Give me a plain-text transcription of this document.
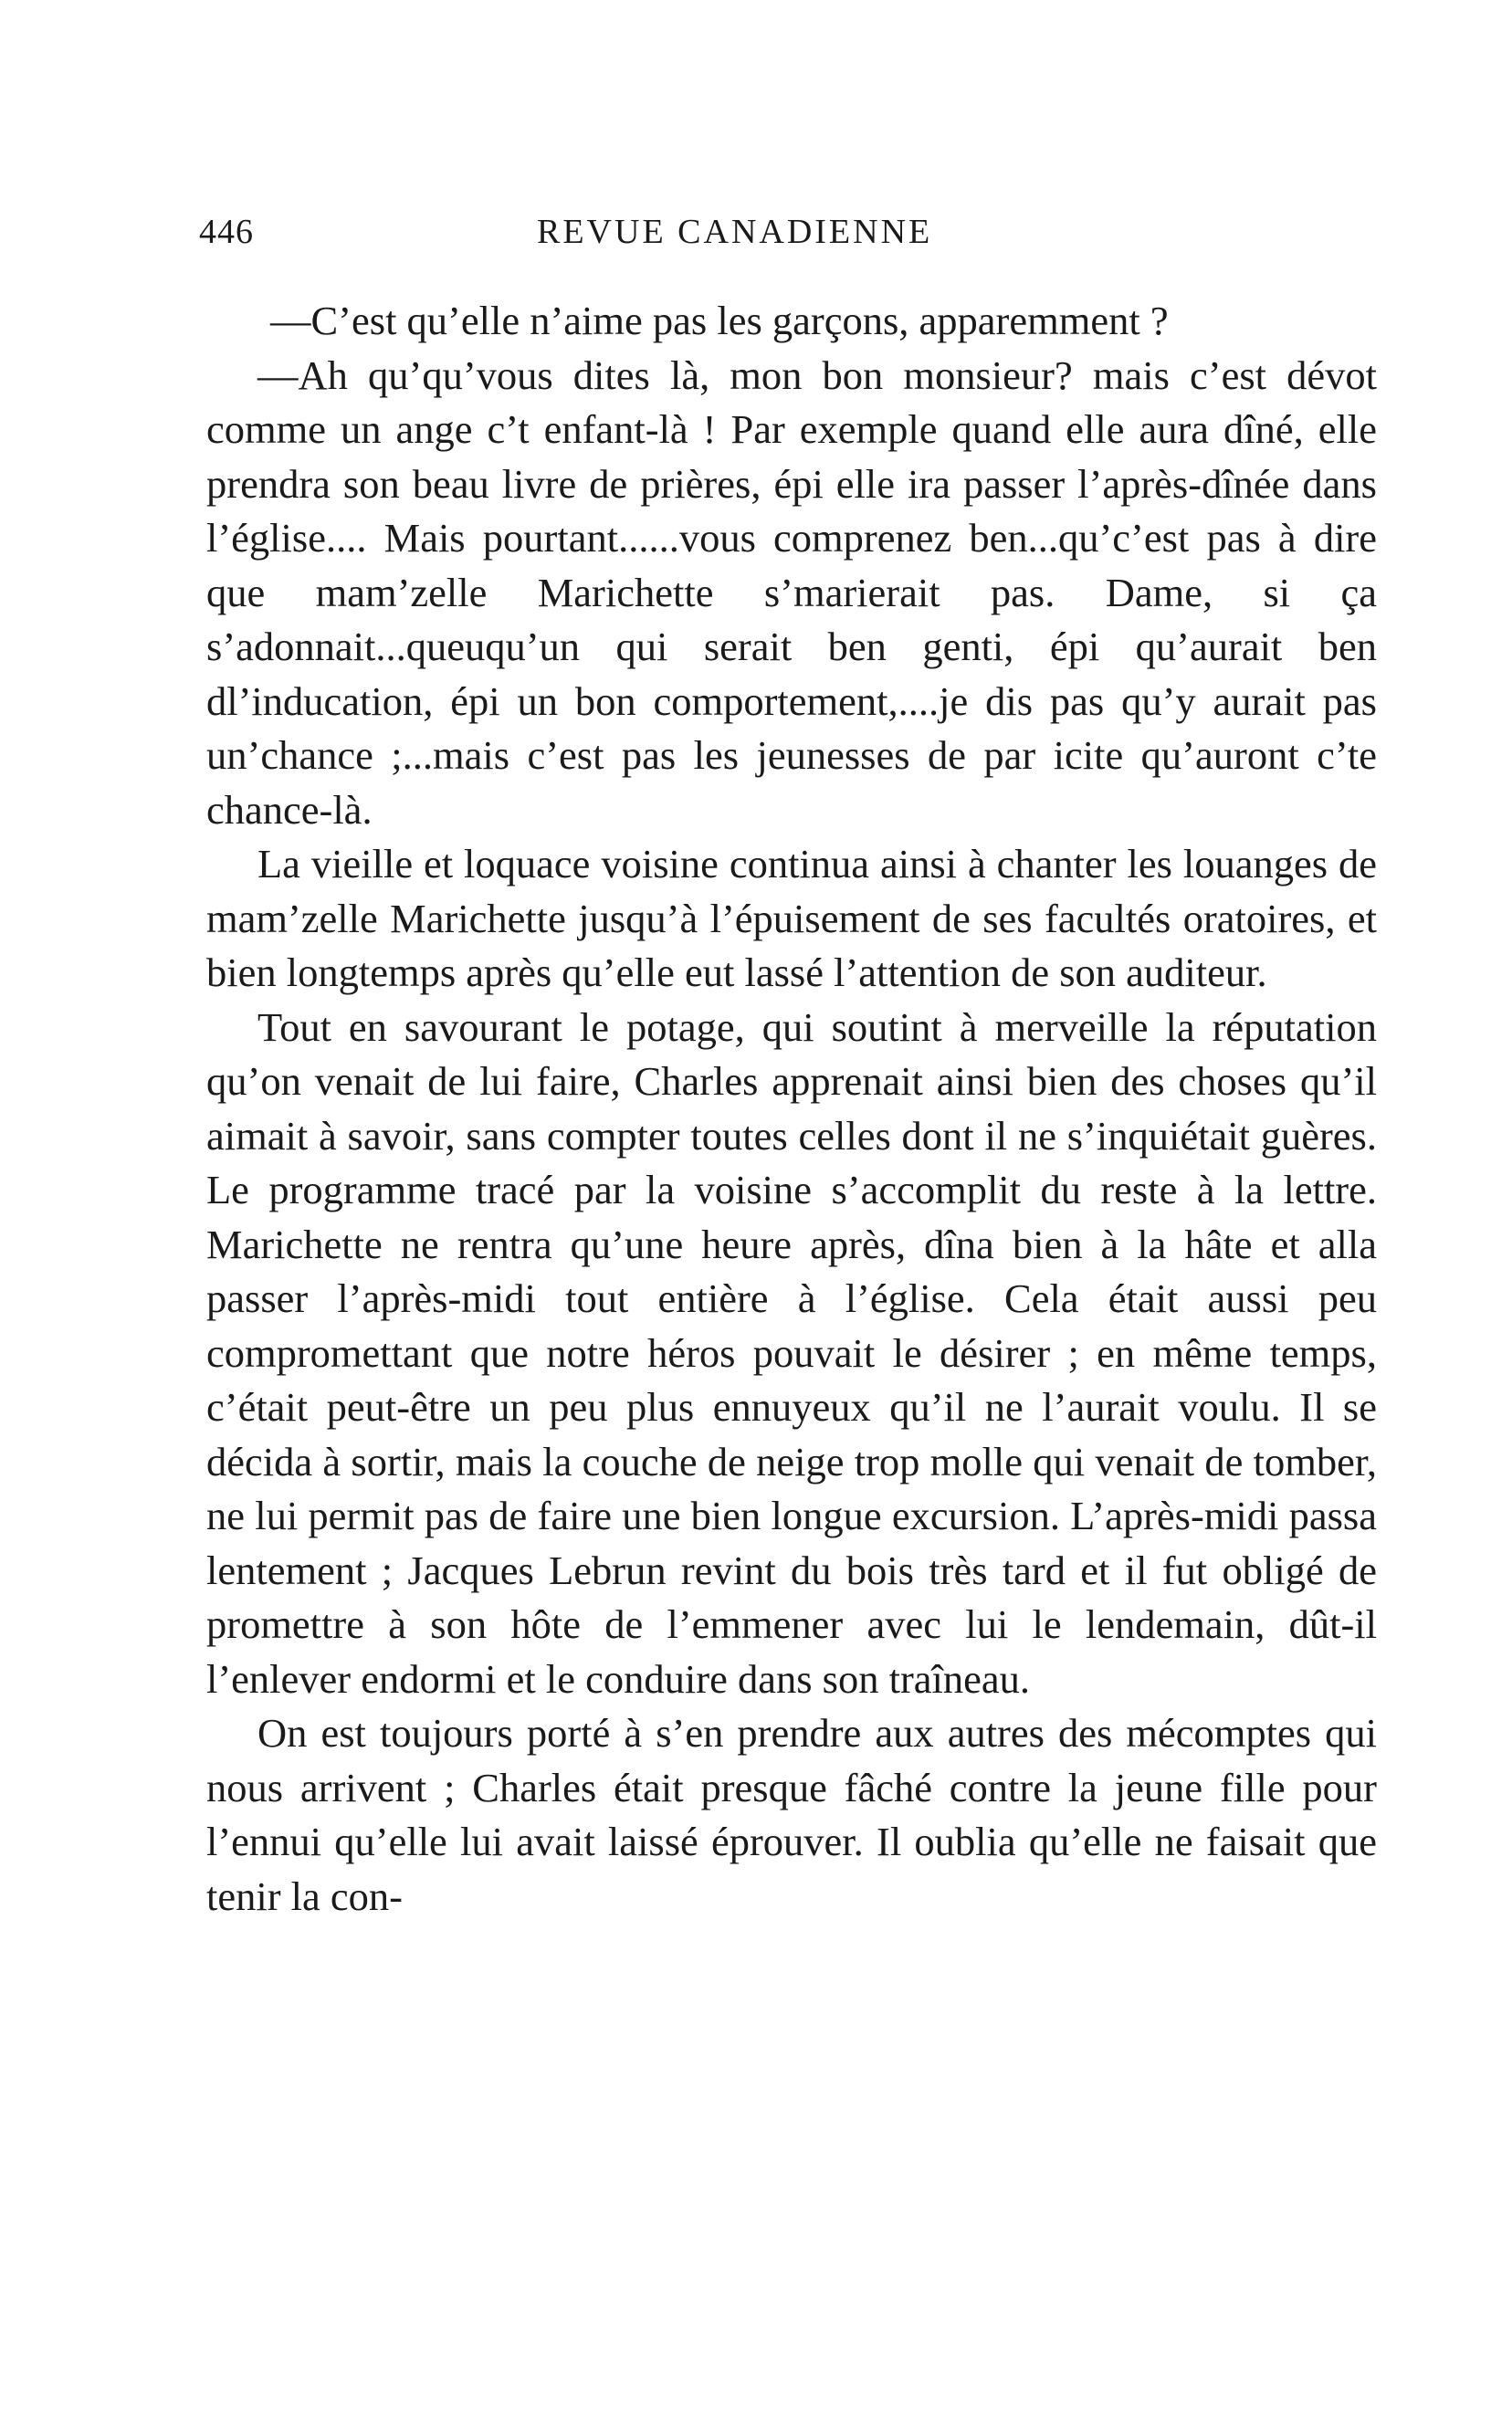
446	REVUE CANADIENNE

—C’est qu’elle n’aime pas les garçons, apparemment ?

—Ah qu’qu’vous dites là, mon bon monsieur? mais c’est dévot comme un ange c’t enfant-là ! Par exemple quand elle aura dîné, elle prendra son beau livre de prières, épi elle ira passer l’après-dînée dans l’église.... Mais pourtant......vous comprenez ben...qu’c’est pas à dire que mam’zelle Marichette s’marierait pas. Dame, si ça s’adonnait...queuqu’un qui serait ben genti, épi qu’aurait ben dl’inducation, épi un bon comportement,....je dis pas qu’y aurait pas un’chance ;...mais c’est pas les jeunesses de par icite qu’auront c’te chance-là.

La vieille et loquace voisine continua ainsi à chanter les louanges de mam’zelle Marichette jusqu’à l’épuisement de ses facultés oratoires, et bien longtemps après qu’elle eut lassé l’attention de son auditeur.

Tout en savourant le potage, qui soutint à merveille la réputation qu’on venait de lui faire, Charles apprenait ainsi bien des choses qu’il aimait à savoir, sans compter toutes celles dont il ne s’inquiétait guères. Le programme tracé par la voisine s’accomplit du reste à la lettre. Marichette ne rentra qu’une heure après, dîna bien à la hâte et alla passer l’après-midi tout entière à l’église. Cela était aussi peu compromettant que notre héros pouvait le désirer ; en même temps, c’était peut-être un peu plus ennuyeux qu’il ne l’aurait voulu. Il se décida à sortir, mais la couche de neige trop molle qui venait de tomber, ne lui permit pas de faire une bien longue excursion. L’après-midi passa lentement ; Jacques Lebrun revint du bois très tard et il fut obligé de promettre à son hôte de l’emmener avec lui le lendemain, dût-il l’enlever endormi et le conduire dans son traîneau.

On est toujours porté à s’en prendre aux autres des mécomptes qui nous arrivent ; Charles était presque fâché contre la jeune fille pour l’ennui qu’elle lui avait laissé éprouver. Il oublia qu’elle ne faisait que tenir la con-
